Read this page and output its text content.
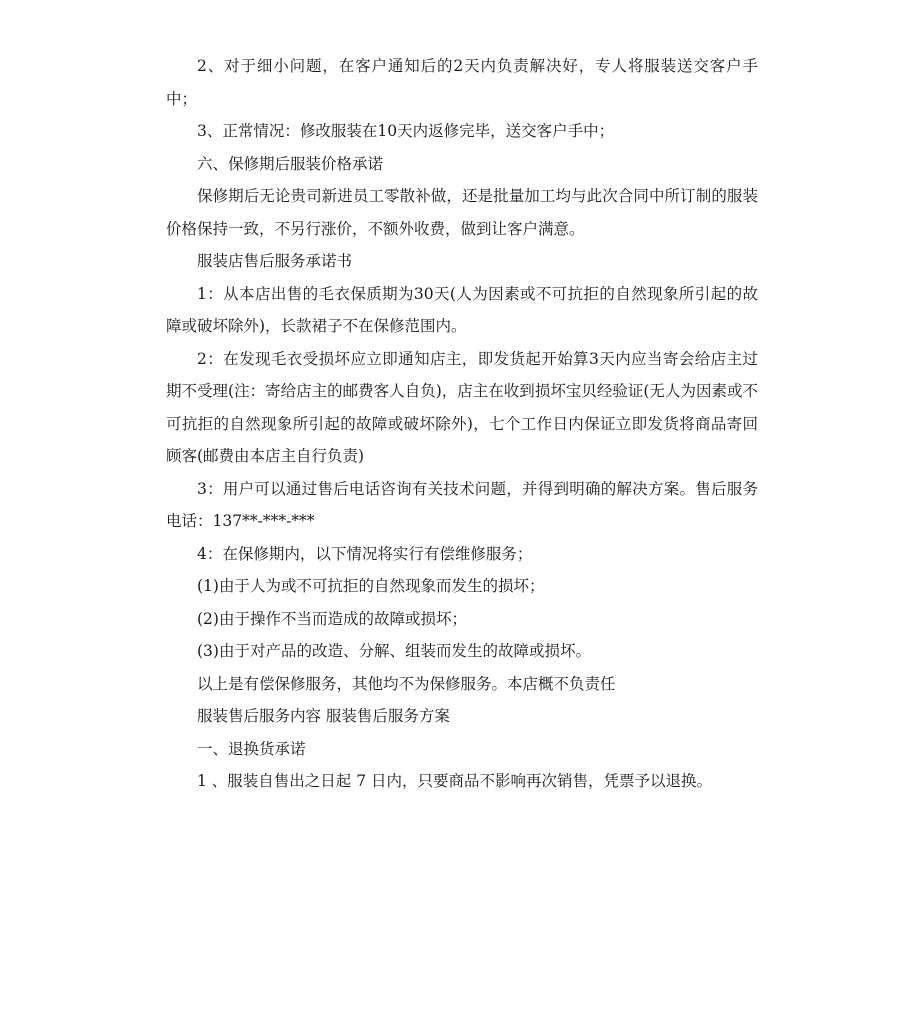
2、对于细小问题，在客户通知后的2天内负责解决好，专人将服装送交客户手中；

3、正常情况：修改服装在10天内返修完毕，送交客户手中；

六、保修期后服装价格承诺

保修期后无论贵司新进员工零散补做，还是批量加工均与此次合同中所订制的服装价格保持一致，不另行涨价，不额外收费，做到让客户满意。

服装店售后服务承诺书

1：从本店出售的毛衣保质期为30天(人为因素或不可抗拒的自然现象所引起的故障或破坏除外)，长款裙子不在保修范围内。

2：在发现毛衣受损坏应立即通知店主，即发货起开始算3天内应当寄会给店主过期不受理(注：寄给店主的邮费客人自负)，店主在收到损坏宝贝经验证(无人为因素或不可抗拒的自然现象所引起的故障或破坏除外)，七个工作日内保证立即发货将商品寄回顾客(邮费由本店主自行负责)

3：用户可以通过售后电话咨询有关技术问题，并得到明确的解决方案。售后服务电话：137**-***-***

4：在保修期内，以下情况将实行有偿维修服务；

(1)由于人为或不可抗拒的自然现象而发生的损坏；

(2)由于操作不当而造成的故障或损坏；

(3)由于对产品的改造、分解、组装而发生的故障或损坏。

以上是有偿保修服务，其他均不为保修服务。本店概不负责任

服装售后服务内容 服装售后服务方案

一、退换货承诺

1 、服装自售出之日起 7 日内，只要商品不影响再次销售，凭票予以退换。
